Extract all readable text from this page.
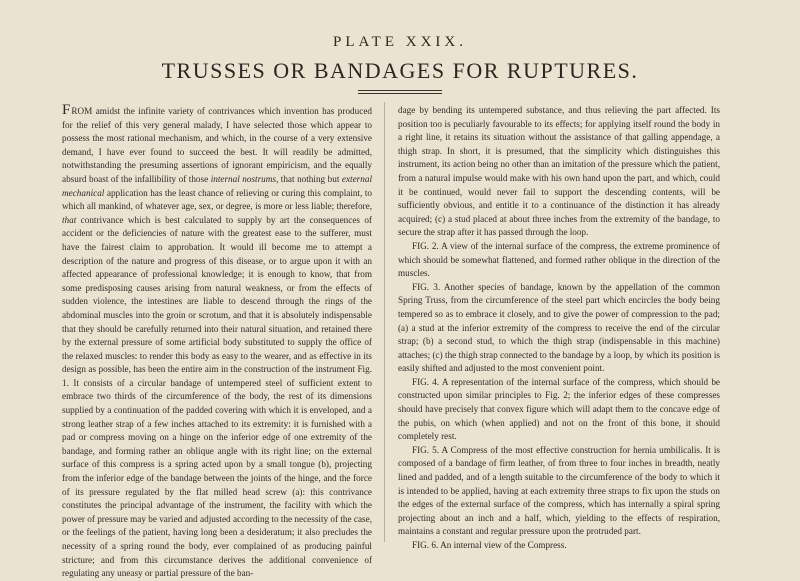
PLATE XXIX.
TRUSSES OR BANDAGES FOR RUPTURES.

FROM amidst the infinite variety of contrivances which invention has produced for the relief of this very general malady, I have selected those which appear to possess the most rational mechanism, and which, in the course of a very extensive demand, I have ever found to succeed the best. It will readily be admitted, notwithstanding the presuming assertions of ignorant empiricism, and the equally absurd boast of the infallibility of those internal nostrums, that nothing but external mechanical application has the least chance of relieving or curing this complaint, to which all mankind, of whatever age, sex, or degree, is more or less liable; therefore, that contrivance which is best calculated to supply by art the consequences of accident or the deficiencies of nature with the greatest ease to the sufferer, must have the fairest claim to approbation. It would ill become me to attempt a description of the nature and progress of this disease, or to argue upon it with an affected appearance of professional knowledge; it is enough to know, that from some predisposing causes arising from natural weakness, or from the effects of sudden violence, the intestines are liable to descend through the rings of the abdominal muscles into the groin or scrotum, and that it is absolutely indispensable that they should be carefully returned into their natural situation, and retained there by the external pressure of some artificial body substituted to supply the office of the relaxed muscles: to render this body as easy to the wearer, and as effective in its design as possible, has been the entire aim in the construction of the instrument Fig. 1. It consists of a circular bandage of untempered steel of sufficient extent to embrace two thirds of the circumference of the body, the rest of its dimensions supplied by a continuation of the padded covering with which it is enveloped, and a strong leather strap of a few inches attached to its extremity: it is furnished with a pad or compress moving on a hinge on the inferior edge of one extremity of the bandage, and forming rather an oblique angle with its right line; on the external surface of this compress is a spring acted upon by a small tongue (b), projecting from the inferior edge of the bandage between the joints of the hinge, and the force of its pressure regulated by the flat milled head screw (a): this contrivance constitutes the principal advantage of the instrument, the facility with which the power of pressure may be varied and adjusted according to the necessity of the case, or the feelings of the patient, having long been a desideratum; it also precludes the necessity of a spring round the body, ever complained of as producing painful stricture; and from this circumstance derives the additional convenience of regulating any uneasy or partial pressure of the ban-

dage by bending its untempered substance, and thus relieving the part affected. Its position too is peculiarly favourable to its effects; for applying itself round the body in a right line, it retains its situation without the assistance of that galling appendage, a thigh strap. In short, it is presumed, that the simplicity which distinguishes this instrument, its action being no other than an imitation of the pressure which the patient, from a natural impulse would make with his own hand upon the part, and which, could it be continued, would never fail to support the descending contents, will be sufficiently obvious, and entitle it to a continuance of the distinction it has already acquired; (c) a stud placed at about three inches from the extremity of the bandage, to secure the strap after it has passed through the loop.

FIG. 2. A view of the internal surface of the compress, the extreme prominence of which should be somewhat flattened, and formed rather oblique in the direction of the muscles.

FIG. 3. Another species of bandage, known by the appellation of the common Spring Truss, from the circumference of the steel part which encircles the body being tempered so as to embrace it closely, and to give the power of compression to the pad; (a) a stud at the inferior extremity of the compress to receive the end of the circular strap; (b) a second stud, to which the thigh strap (indispensable in this machine) attaches; (c) the thigh strap connected to the bandage by a loop, by which its position is easily shifted and adjusted to the most convenient point.

FIG. 4. A representation of the internal surface of the compress, which should be constructed upon similar principles to Fig. 2; the inferior edges of these compresses should have precisely that convex figure which will adapt them to the concave edge of the pubis, on which (when applied) and not on the front of this bone, it should completely rest.

FIG. 5. A Compress of the most effective construction for hernia umbilicalis. It is composed of a bandage of firm leather, of from three to four inches in breadth, neatly lined and padded, and of a length suitable to the circumference of the body to which it is intended to be applied, having at each extremity three straps to fix upon the studs on the edges of the external surface of the compress, which has internally a spiral spring projecting about an inch and a half, which, yielding to the effects of respiration, maintains a constant and regular pressure upon the protruded part.

FIG. 6. An internal view of the Compress.
